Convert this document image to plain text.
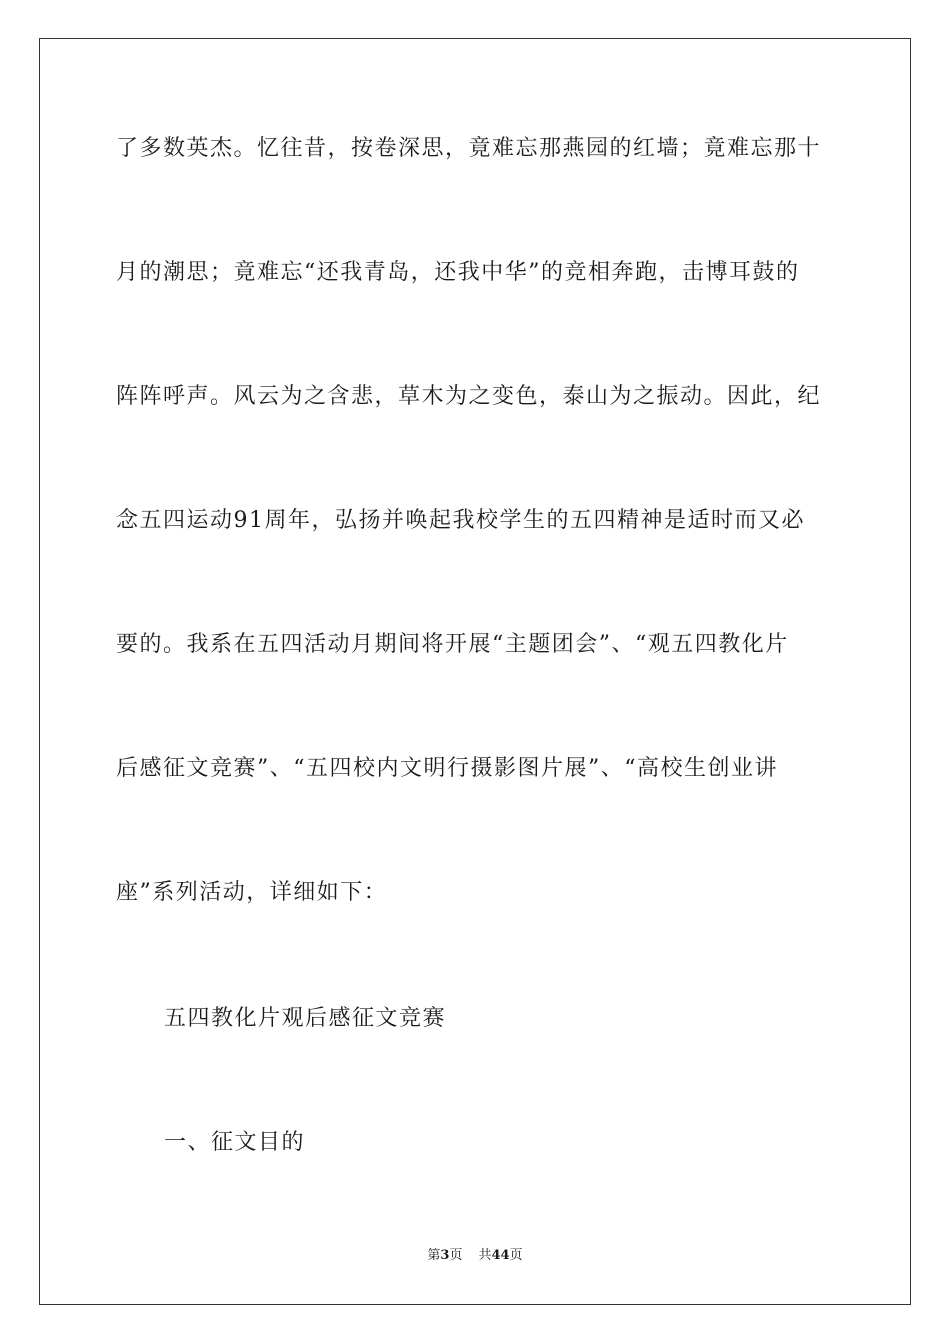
了多数英杰。忆往昔，按卷深思，竟难忘那燕园的红墙；竟难忘那十
月的潮思；竟难忘“还我青岛，还我中华”的竞相奔跑，击博耳鼓的
阵阵呼声。风云为之含悲，草木为之变色，泰山为之振动。因此，纪
念五四运动91周年，弘扬并唤起我校学生的五四精神是适时而又必
要的。我系在五四活动月期间将开展“主题团会”、“观五四教化片
后感征文竞赛”、“五四校内文明行摄影图片展”、“高校生创业讲
座”系列活动，详细如下：
五四教化片观后感征文竞赛
一、征文目的
第3页 共44页
